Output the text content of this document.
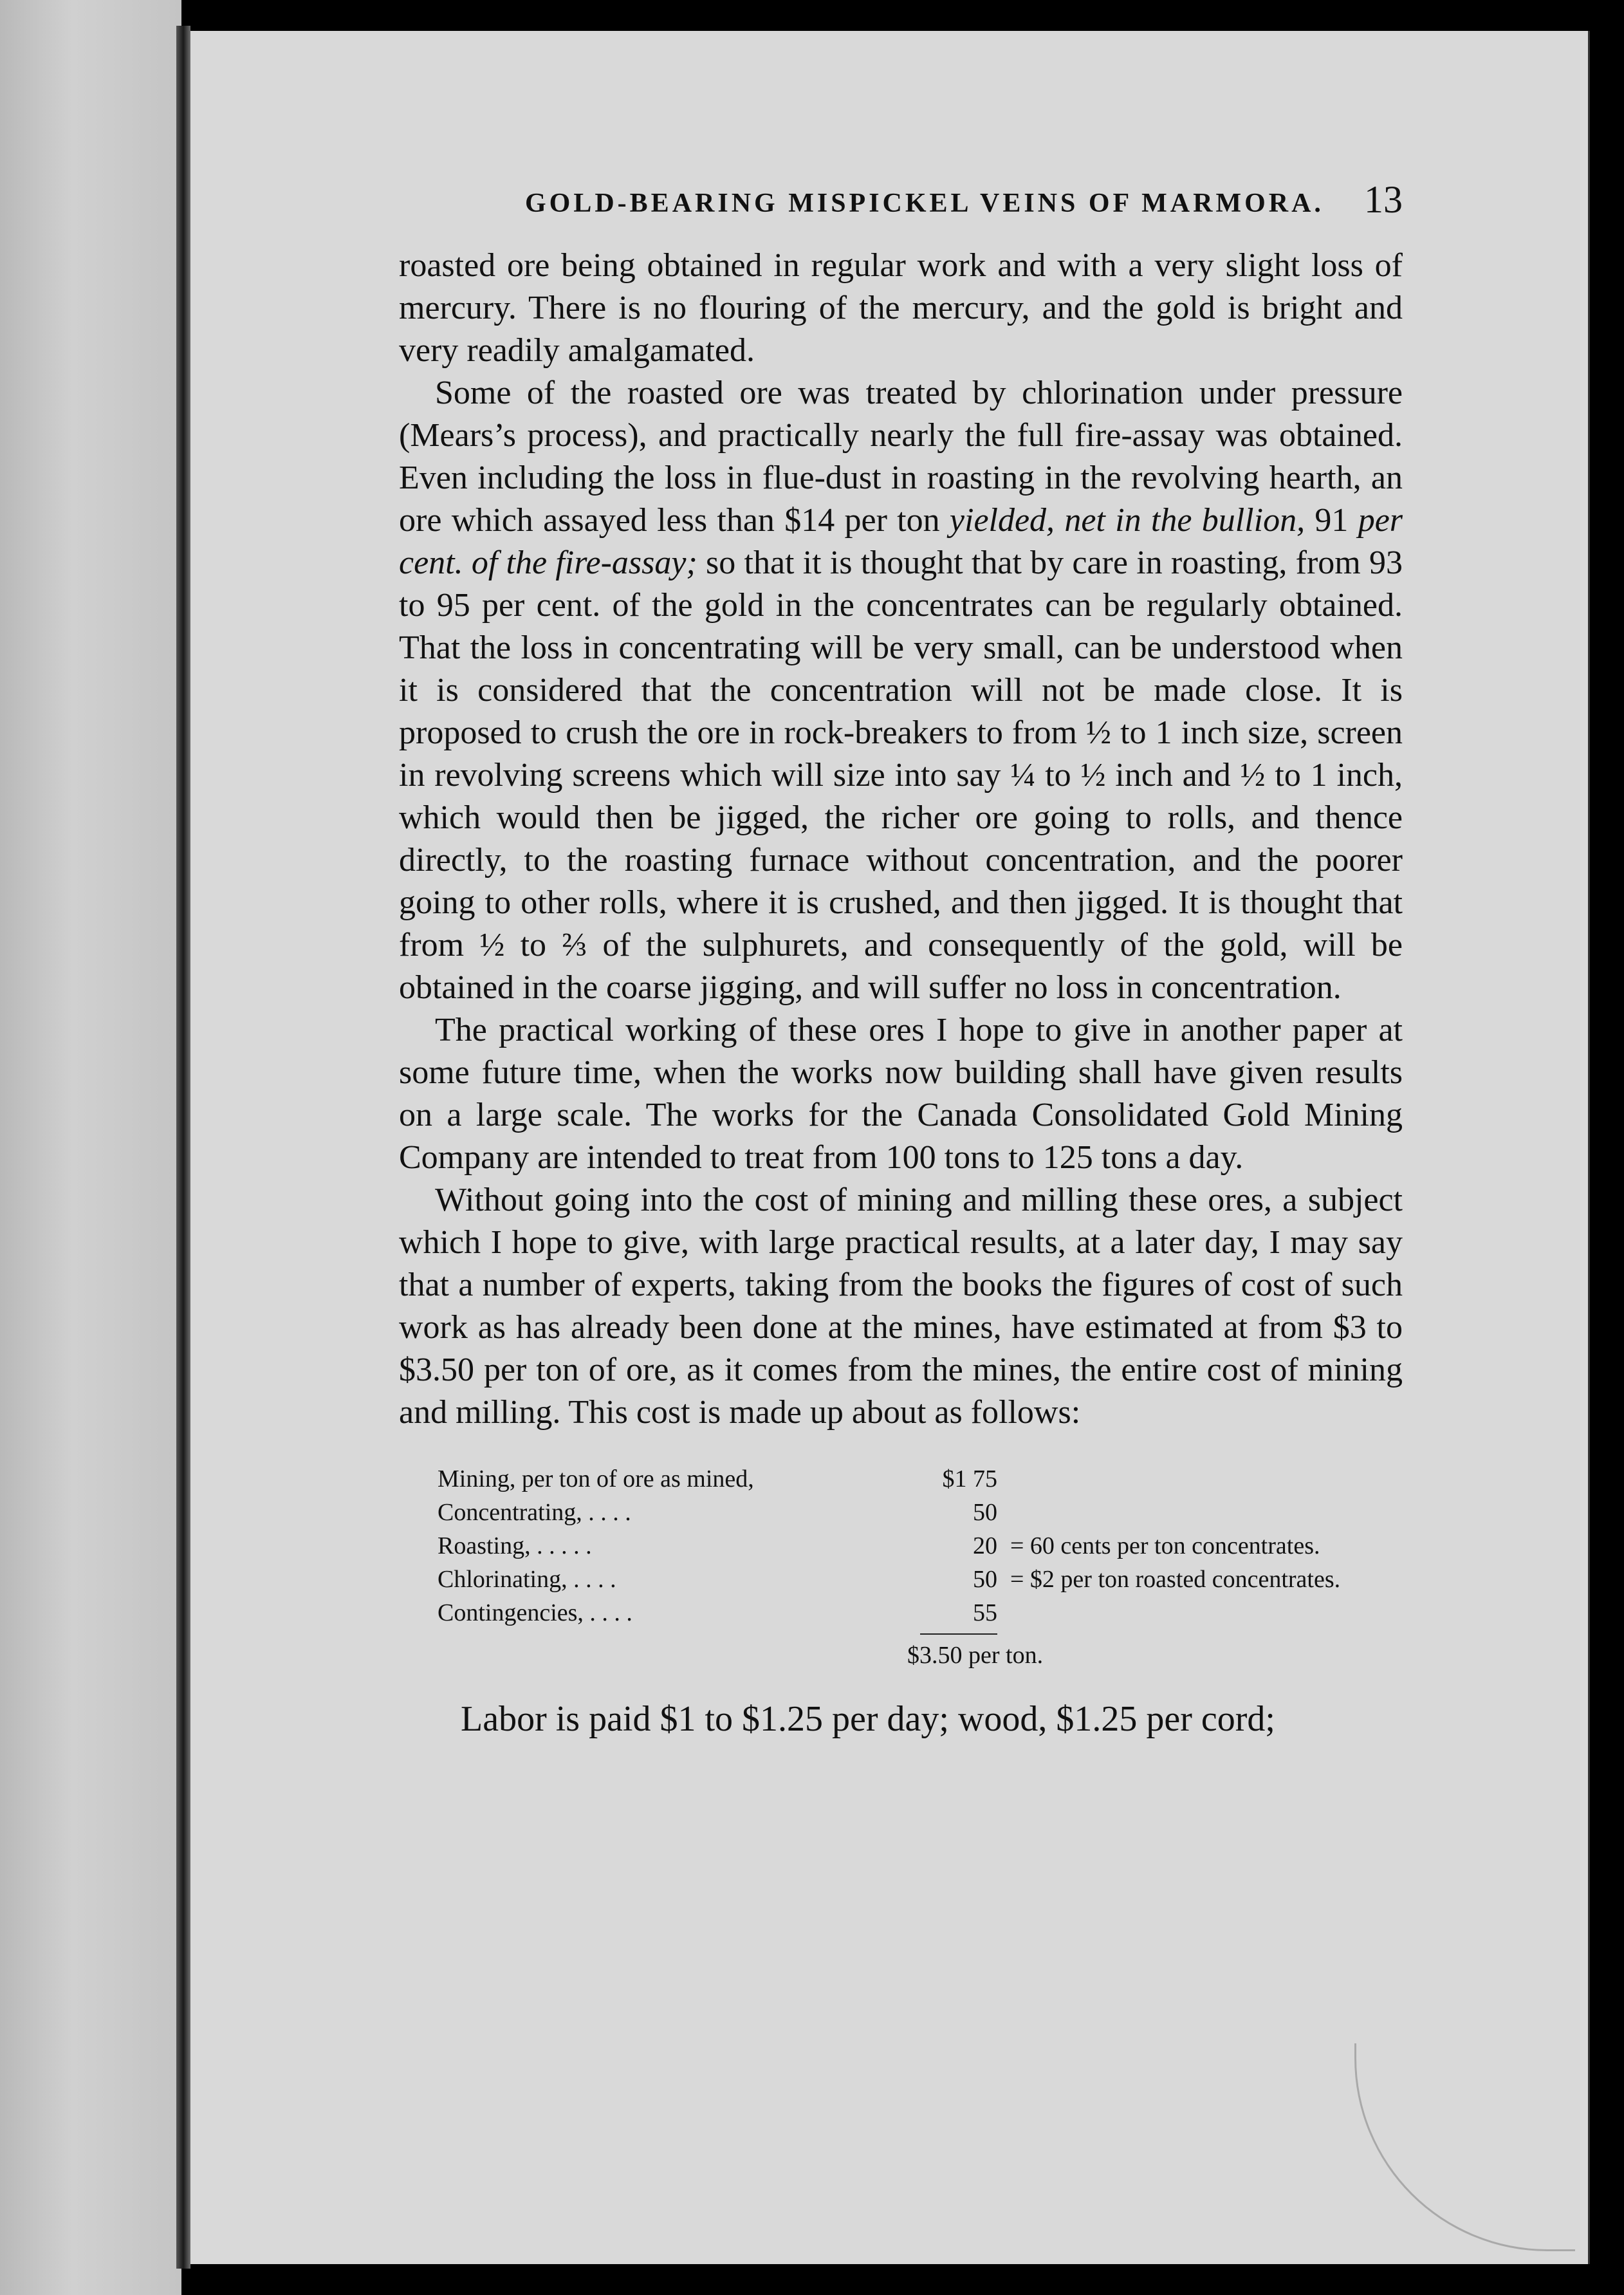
GOLD-BEARING MISPICKEL VEINS OF MARMORA. 13

roasted ore being obtained in regular work and with a very slight loss of mercury. There is no flouring of the mercury, and the gold is bright and very readily amalgamated.

Some of the roasted ore was treated by chlorination under pressure (Mears’s process), and practically nearly the full fire-assay was obtained. Even including the loss in flue-dust in roasting in the revolving hearth, an ore which assayed less than $14 per ton yielded, net in the bullion, 91 per cent. of the fire-assay; so that it is thought that by care in roasting, from 93 to 95 per cent. of the gold in the concentrates can be regularly obtained. That the loss in concentrating will be very small, can be understood when it is considered that the concentration will not be made close. It is proposed to crush the ore in rock-breakers to from ½ to 1 inch size, screen in revolving screens which will size into say ¼ to ½ inch and ½ to 1 inch, which would then be jigged, the richer ore going to rolls, and thence directly, to the roasting furnace without concentration, and the poorer going to other rolls, where it is crushed, and then jigged. It is thought that from ½ to ⅔ of the sulphurets, and consequently of the gold, will be obtained in the coarse jigging, and will suffer no loss in concentration.

The practical working of these ores I hope to give in another paper at some future time, when the works now building shall have given results on a large scale. The works for the Canada Consolidated Gold Mining Company are intended to treat from 100 tons to 125 tons a day.

Without going into the cost of mining and milling these ores, a subject which I hope to give, with large practical results, at a later day, I may say that a number of experts, taking from the books the figures of cost of such work as has already been done at the mines, have estimated at from $3 to $3.50 per ton of ore, as it comes from the mines, the entire cost of mining and milling. This cost is made up about as follows:

Mining, per ton of ore as mined,	$1 75
Concentrating, . . . .	50
Roasting, . . . . .	20 = 60 cents per ton concentrates.
Chlorinating, . . . .	50 = $2 per ton roasted concentrates.
Contingencies, . . . .	55
$3.50 per ton.

Labor is paid $1 to $1.25 per day; wood, $1.25 per cord;
